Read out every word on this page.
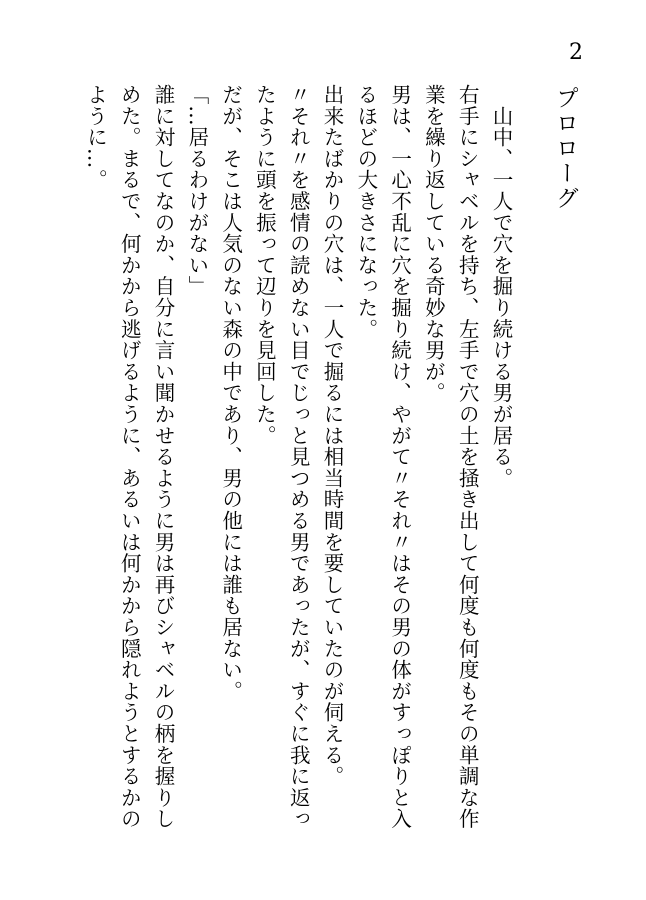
2
プロローグ

　山中、一人で穴を掘り続ける男が居る。

右手にシャベルを持ち、左手で穴の土を掻き出して何度も何度もその単調な作

業を繰り返している奇妙な男が。

男は、一心不乱に穴を掘り続け、やがて〃それ〃はその男の体がすっぽりと入

るほどの大きさになった。

出来たばかりの穴は、一人で掘るには相当時間を要していたのが伺える。

〃それ〃を感情の読めない目でじっと見つめる男であったが、すぐに我に返っ

たように頭を振って辺りを見回した。

だが、そこは人気のない森の中であり、男の他には誰も居ない。

「…居るわけがない」

誰に対してなのか、自分に言い聞かせるように男は再びシャベルの柄を握りし

めた。まるで、何かから逃げるように、あるいは何かから隠れようとするかの

ように…。
